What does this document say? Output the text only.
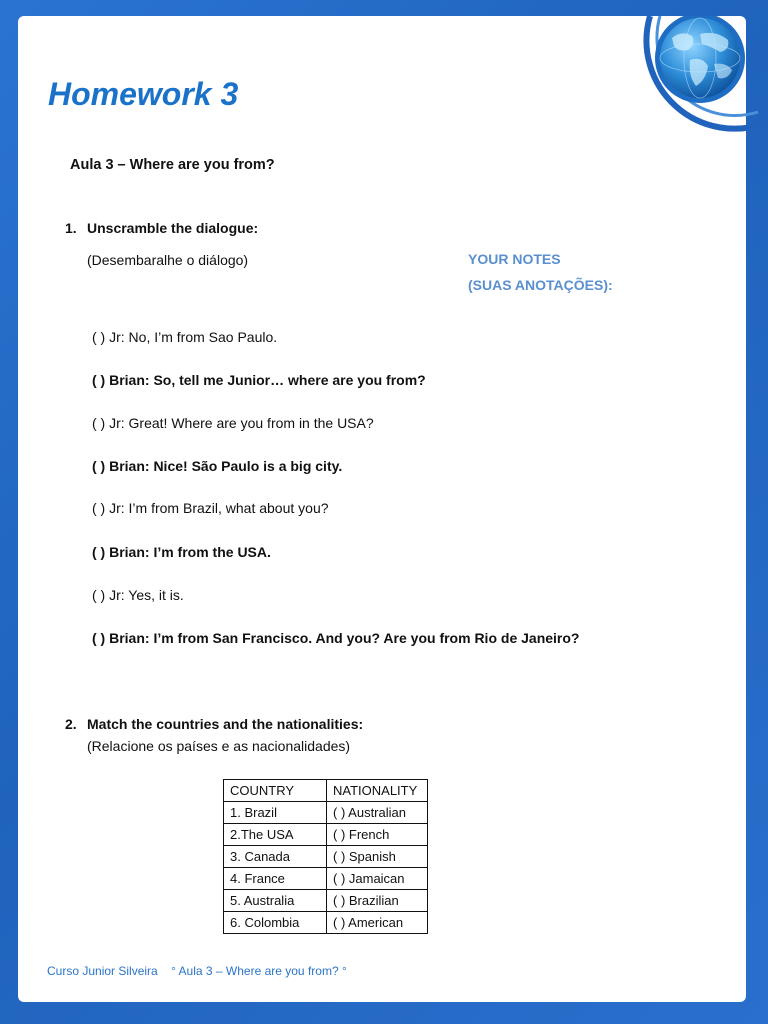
Homework 3
Aula 3 – Where are you from?
1. Unscramble the dialogue:
(Desembaralhe o diálogo)	YOUR NOTES
(SUAS ANOTAÇÕES):
( ) Jr: No, I’m from Sao Paulo.
( ) Brian: So, tell me Junior… where are you from?
( ) Jr: Great! Where are you from in the USA?
( ) Brian: Nice! São Paulo is a big city.
( ) Jr: I’m from Brazil, what about you?
( ) Brian: I’m from the USA.
( ) Jr: Yes, it is.
( ) Brian: I’m from San Francisco. And you? Are you from Rio de Janeiro?
2. Match the countries and the nationalities:
(Relacione os países e as nacionalidades)
COUNTRY	NATIONALITY
1. Brazil	( ) Australian
2.The USA	( ) French
3. Canada	( ) Spanish
4. France	( ) Jamaican
5. Australia	( ) Brazilian
6. Colombia	( ) American
Curso Junior Silveira ° Aula 3 – Where are you from? °
